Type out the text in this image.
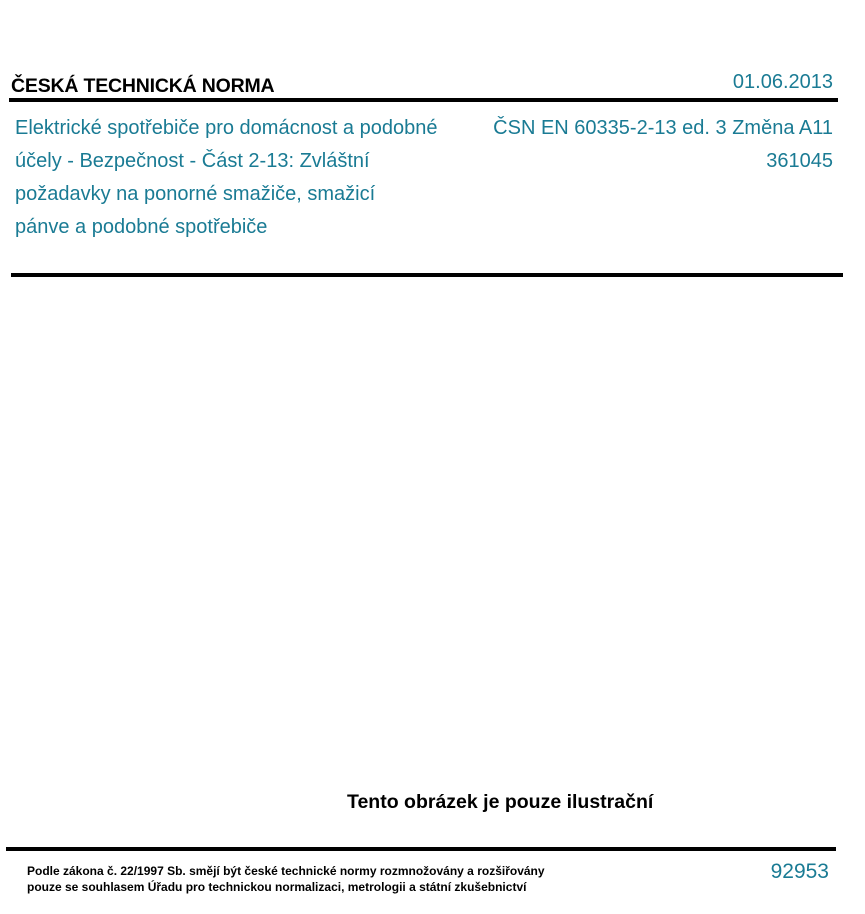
ČESKÁ TECHNICKÁ NORMA	01.06.2013
Elektrické spotřebiče pro domácnost a podobné
účely - Bezpečnost - Část 2-13: Zvláštní
požadavky na ponorné smažiče, smažicí
pánve a podobné spotřebiče
ČSN EN 60335-2-13 ed. 3 Změna A11
361045
Tento obrázek je pouze ilustrační
Podle zákona č. 22/1997 Sb. smějí být české technické normy rozmnožovány a rozšiřovány
pouze se souhlasem Úřadu pro technickou normalizaci, metrologii a státní zkušebnictví
92953
